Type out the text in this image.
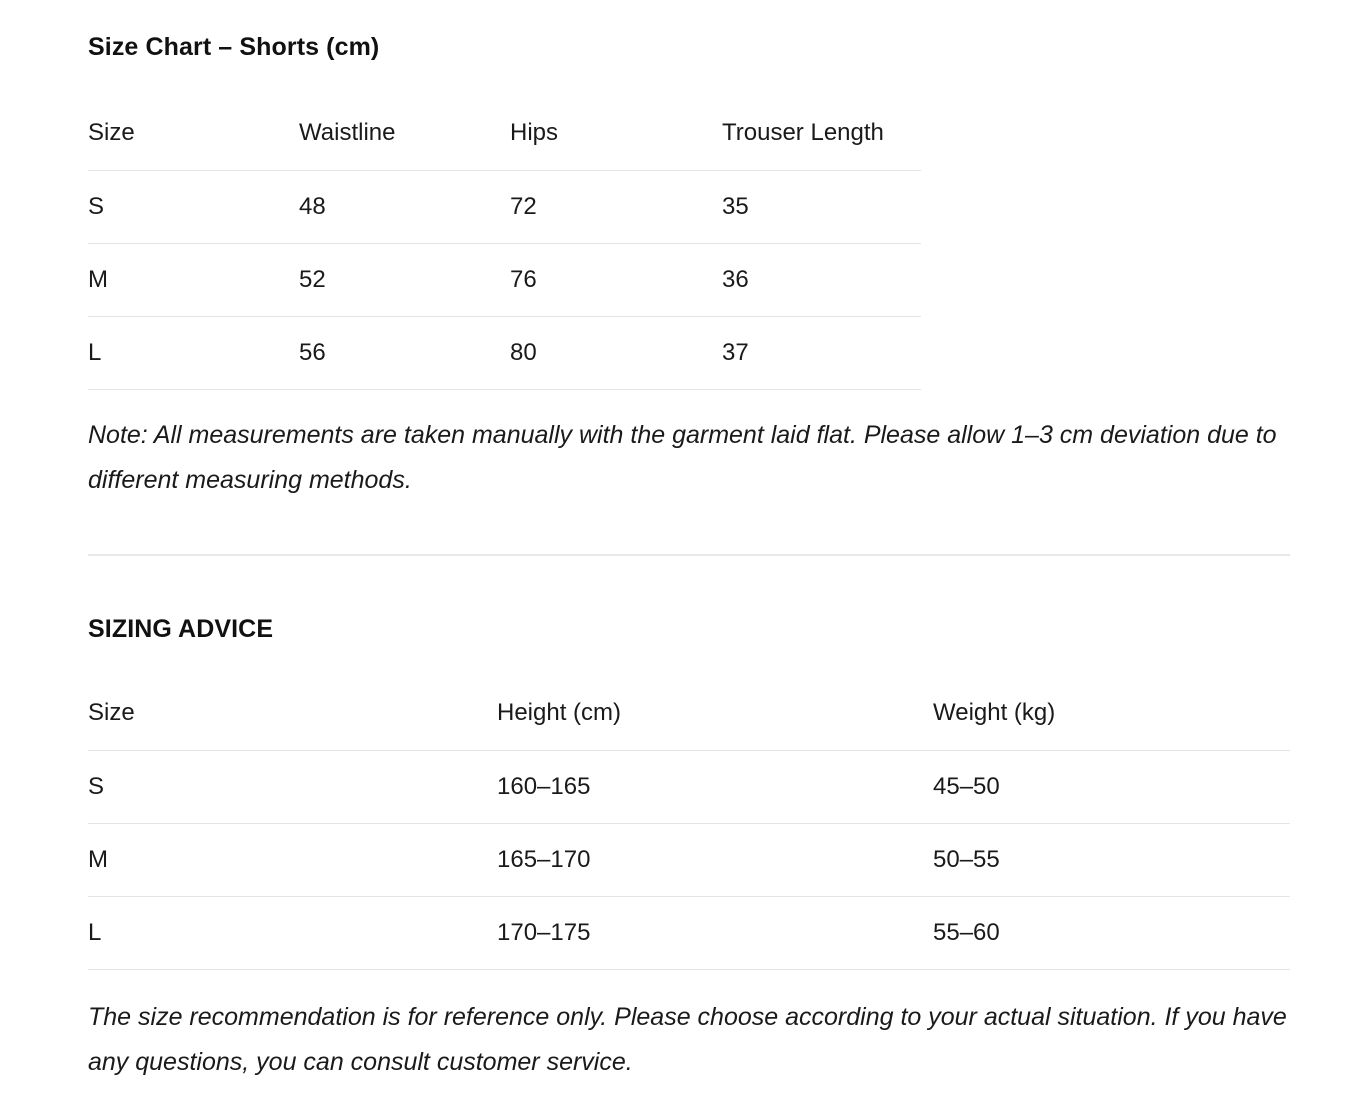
Size Chart – Shorts (cm)
Size	Waistline	Hips	Trouser Length
S	48	72	35
M	52	76	36
L	56	80	37

Note: All measurements are taken manually with the garment laid flat. Please allow 1–3 cm deviation due to different measuring methods.

SIZING ADVICE
Size	Height (cm)	Weight (kg)
S	160–165	45–50
M	165–170	50–55
L	170–175	55–60

The size recommendation is for reference only. Please choose according to your actual situation. If you have any questions, you can consult customer service.
